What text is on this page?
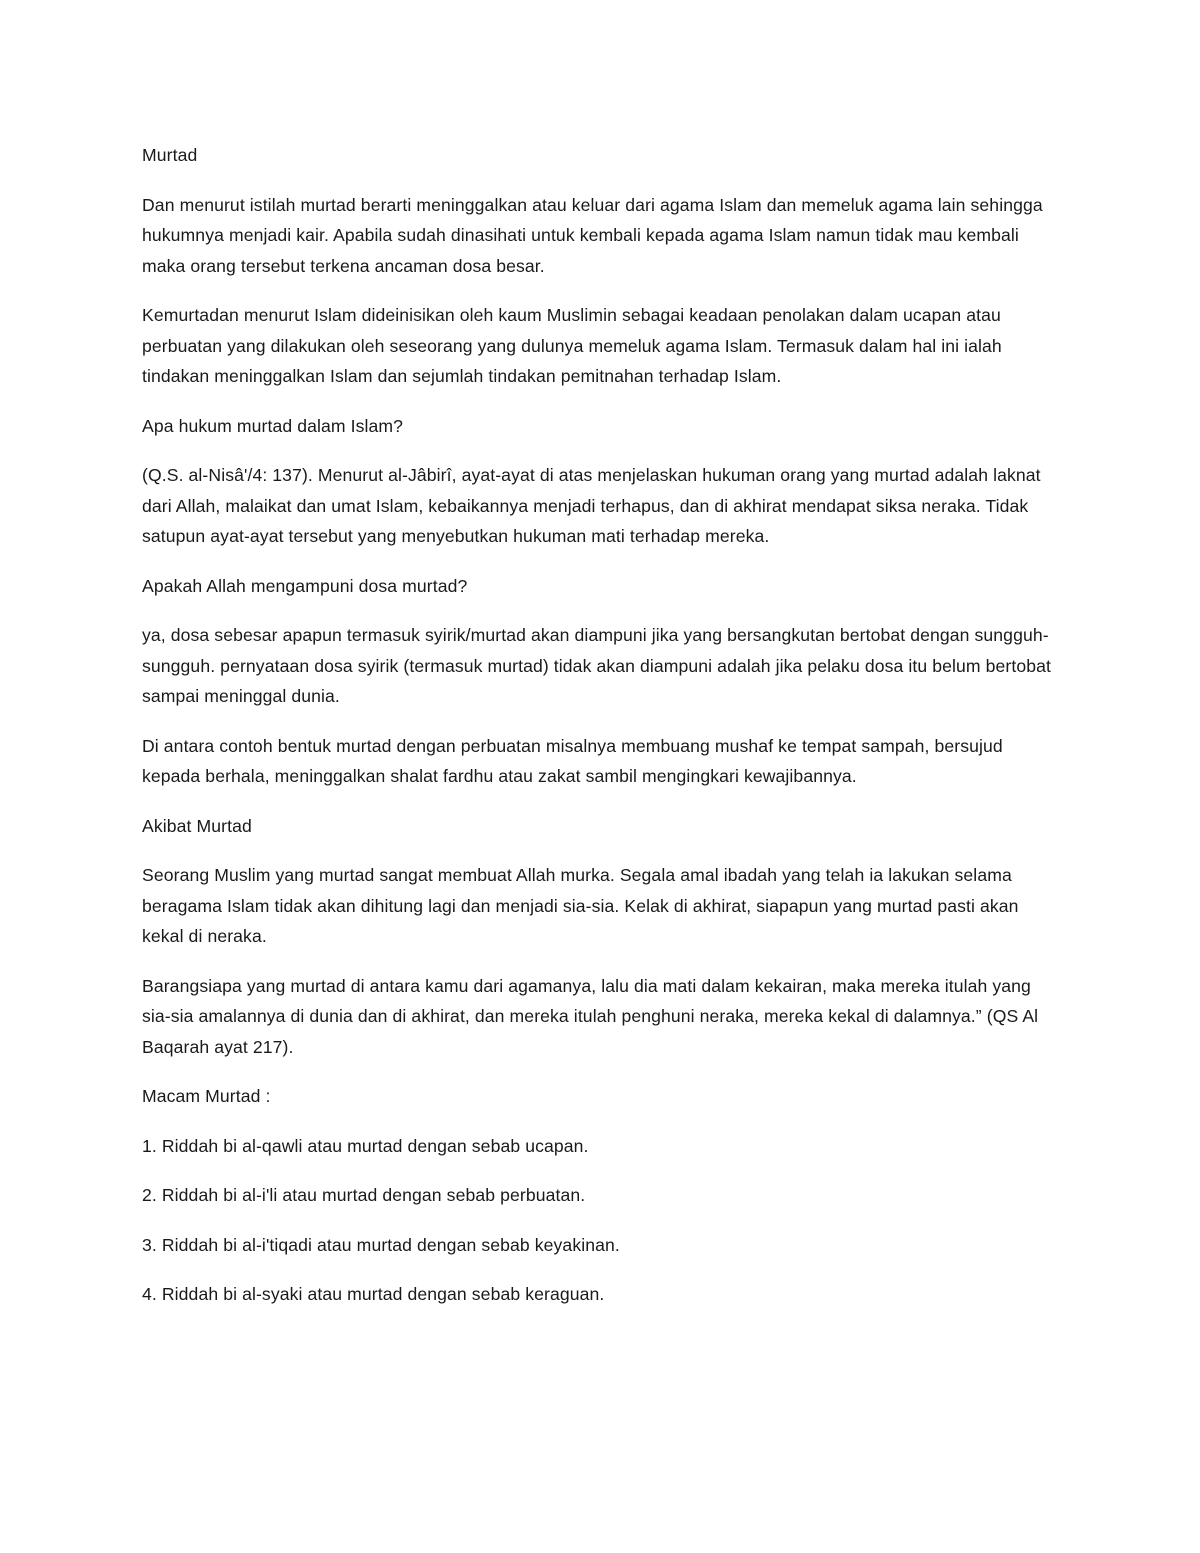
Murtad

Dan menurut istilah murtad berarti meninggalkan atau keluar dari agama Islam dan memeluk agama lain sehingga hukumnya menjadi kair. Apabila sudah dinasihati untuk kembali kepada agama Islam namun tidak mau kembali maka orang tersebut terkena ancaman dosa besar.

Kemurtadan menurut Islam dideinisikan oleh kaum Muslimin sebagai keadaan penolakan dalam ucapan atau perbuatan yang dilakukan oleh seseorang yang dulunya memeluk agama Islam. Termasuk dalam hal ini ialah tindakan meninggalkan Islam dan sejumlah tindakan pemitnahan terhadap Islam.

Apa hukum murtad dalam Islam?

(Q.S. al-Nisâ'/4: 137). Menurut al-Jâbirî, ayat-ayat di atas menjelaskan hukuman orang yang murtad adalah laknat dari Allah, malaikat dan umat Islam, kebaikannya menjadi terhapus, dan di akhirat mendapat siksa neraka. Tidak satupun ayat-ayat tersebut yang menyebutkan hukuman mati terhadap mereka.

Apakah Allah mengampuni dosa murtad?

ya, dosa sebesar apapun termasuk syirik/murtad akan diampuni jika yang bersangkutan bertobat dengan sungguh-sungguh. pernyataan dosa syirik (termasuk murtad) tidak akan diampuni adalah jika pelaku dosa itu belum bertobat sampai meninggal dunia.

Di antara contoh bentuk murtad dengan perbuatan misalnya membuang mushaf ke tempat sampah, bersujud kepada berhala, meninggalkan shalat fardhu atau zakat sambil mengingkari kewajibannya.

Akibat Murtad

Seorang Muslim yang murtad sangat membuat Allah murka. Segala amal ibadah yang telah ia lakukan selama beragama Islam tidak akan dihitung lagi dan menjadi sia-sia. Kelak di akhirat, siapapun yang murtad pasti akan kekal di neraka.

Barangsiapa yang murtad di antara kamu dari agamanya, lalu dia mati dalam kekairan, maka mereka itulah yang sia-sia amalannya di dunia dan di akhirat, dan mereka itulah penghuni neraka, mereka kekal di dalamnya.” (QS Al Baqarah ayat 217).

Macam Murtad :

1. Riddah bi al-qawli atau murtad dengan sebab ucapan.

2. Riddah bi al-i'li atau murtad dengan sebab perbuatan.

3. Riddah bi al-i'tiqadi atau murtad dengan sebab keyakinan.

4. Riddah bi al-syaki atau murtad dengan sebab keraguan.
